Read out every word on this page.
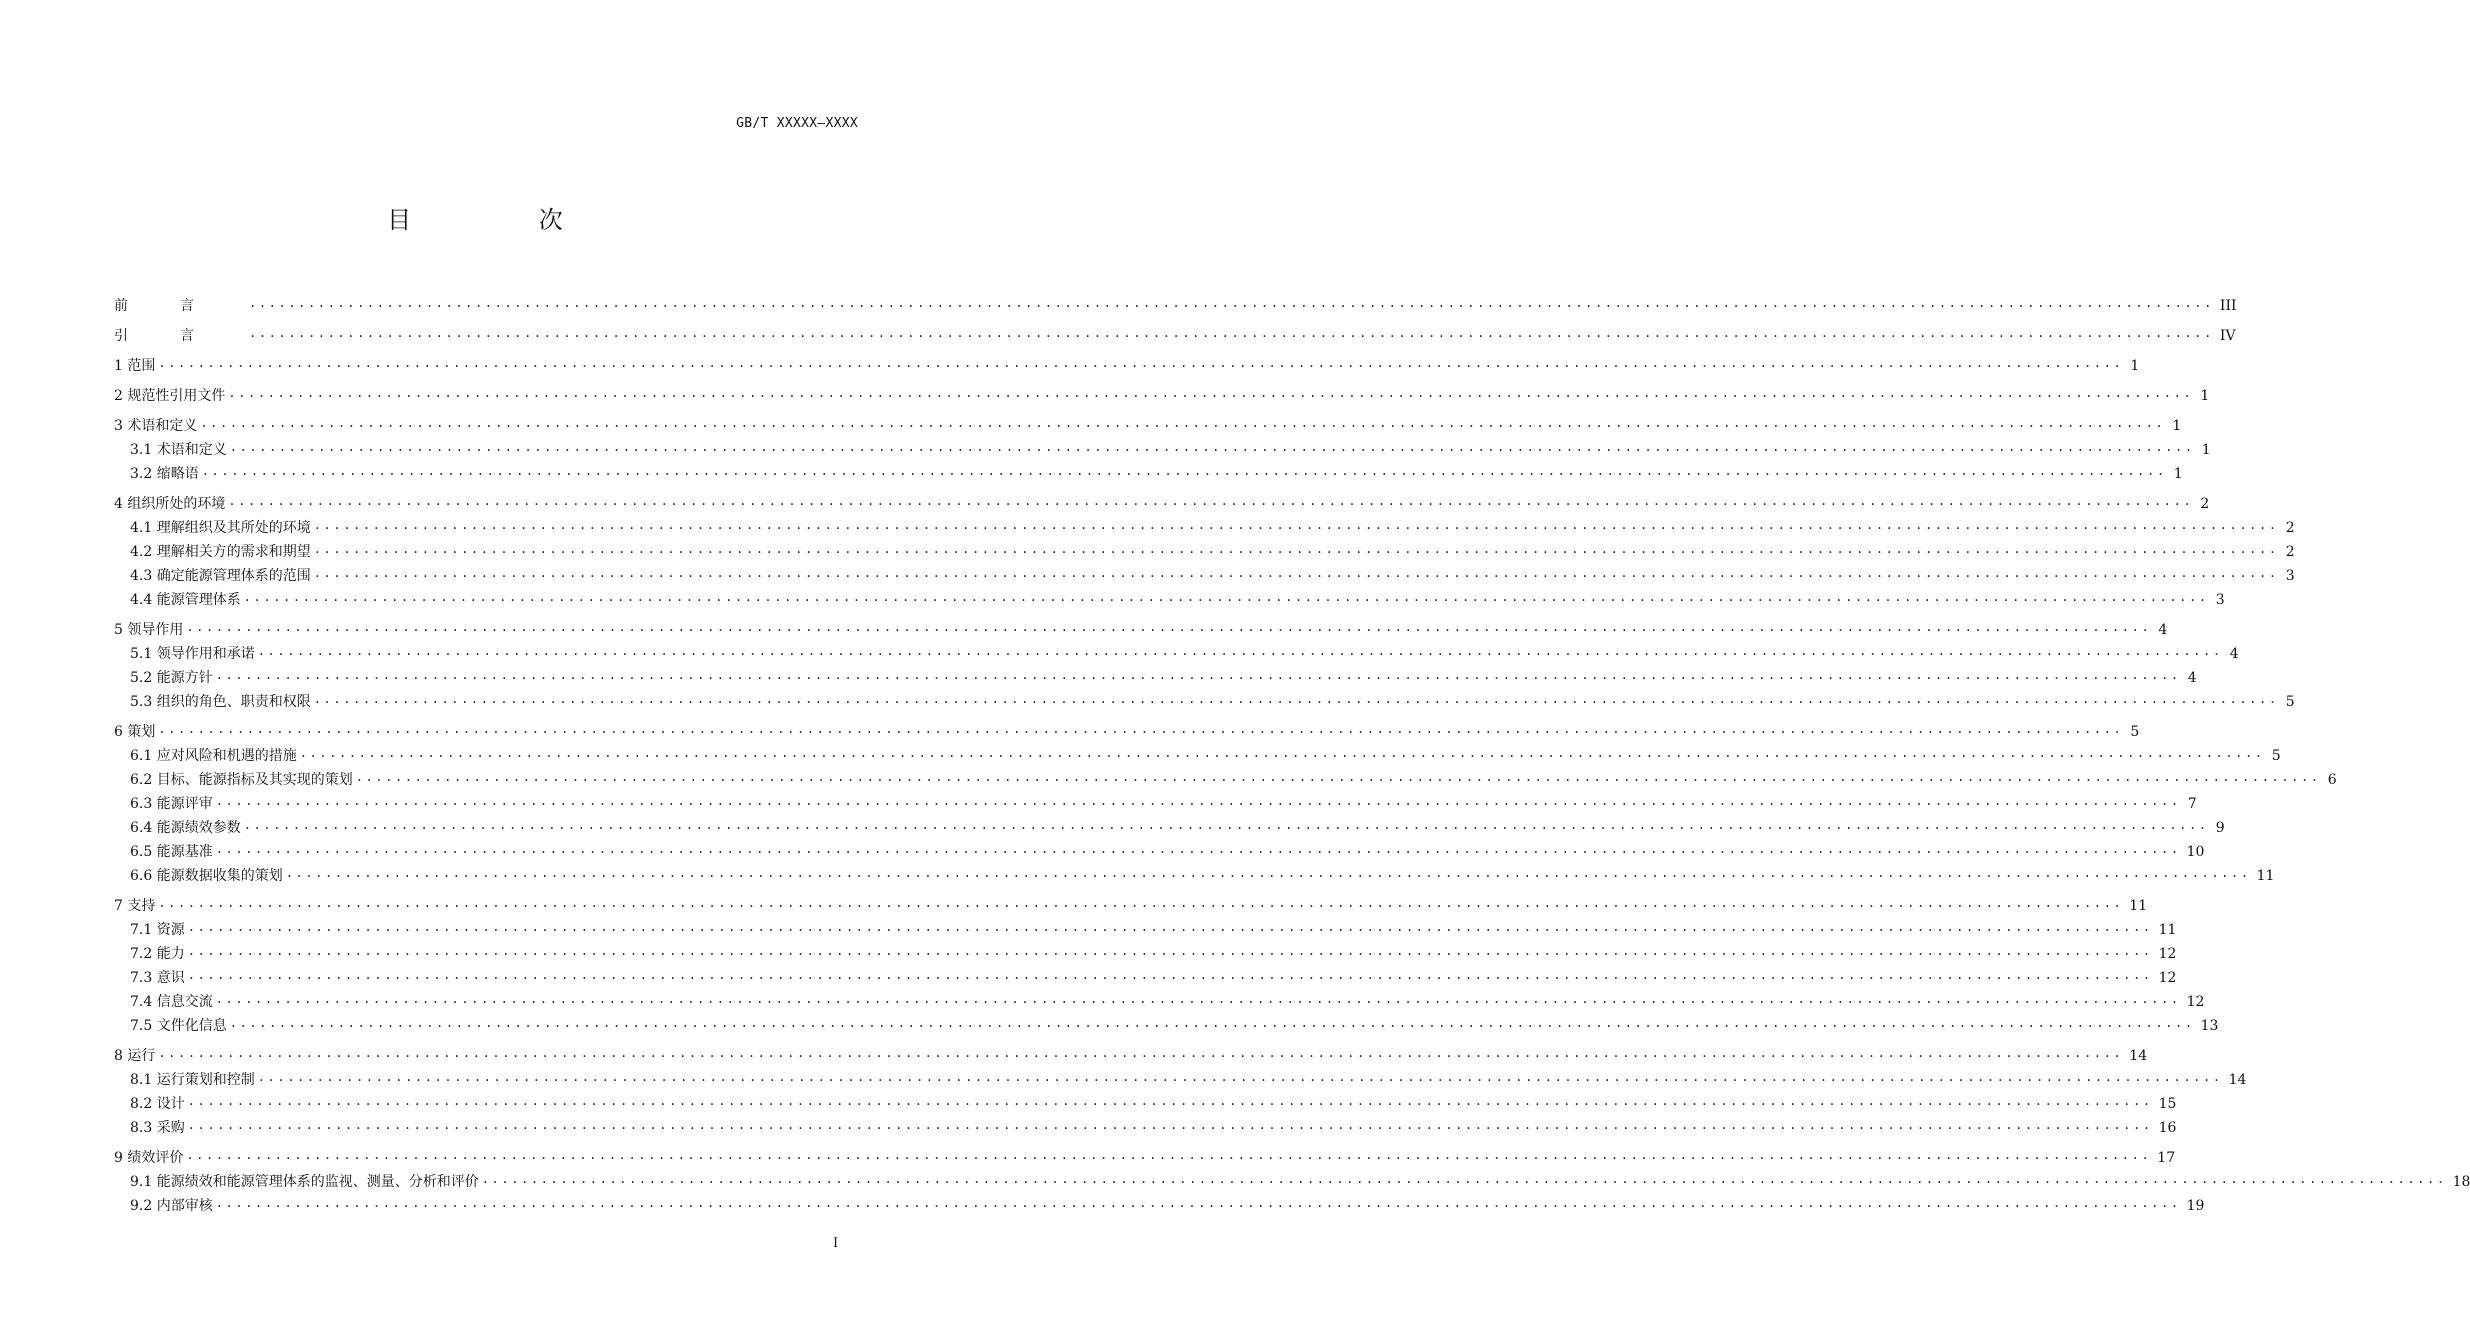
GB/T XXXXX—XXXX
目 次
前言 ........................................................................................................................................................................................................ III
引言 ........................................................................................................................................................................................................ IV
1 范围 ........................................................................................................................................................................................................ 1
2 规范性引用文件 ........................................................................................................................................................................................................ 1
3 术语和定义 ........................................................................................................................................................................................................ 1
3.1 术语和定义 ........................................................................................................................................................................................................ 1
3.2 缩略语 ........................................................................................................................................................................................................ 1
4 组织所处的环境 ........................................................................................................................................................................................................ 2
4.1 理解组织及其所处的环境 ........................................................................................................................................................................................................ 2
4.2 理解相关方的需求和期望 ........................................................................................................................................................................................................ 2
4.3 确定能源管理体系的范围 ........................................................................................................................................................................................................ 3
4.4 能源管理体系 ........................................................................................................................................................................................................ 3
5 领导作用 ........................................................................................................................................................................................................ 4
5.1 领导作用和承诺 ........................................................................................................................................................................................................ 4
5.2 能源方针 ........................................................................................................................................................................................................ 4
5.3 组织的角色、职责和权限 ........................................................................................................................................................................................................ 5
6 策划 ........................................................................................................................................................................................................ 5
6.1 应对风险和机遇的措施 ........................................................................................................................................................................................................ 5
6.2 目标、能源指标及其实现的策划 ........................................................................................................................................................................................................ 6
6.3 能源评审 ........................................................................................................................................................................................................ 7
6.4 能源绩效参数 ........................................................................................................................................................................................................ 9
6.5 能源基准 ........................................................................................................................................................................................................ 10
6.6 能源数据收集的策划 ........................................................................................................................................................................................................ 11
7 支持 ........................................................................................................................................................................................................ 11
7.1 资源 ........................................................................................................................................................................................................ 11
7.2 能力 ........................................................................................................................................................................................................ 12
7.3 意识 ........................................................................................................................................................................................................ 12
7.4 信息交流 ........................................................................................................................................................................................................ 12
7.5 文件化信息 ........................................................................................................................................................................................................ 13
8 运行 ........................................................................................................................................................................................................ 14
8.1 运行策划和控制 ........................................................................................................................................................................................................ 14
8.2 设计 ........................................................................................................................................................................................................ 15
8.3 采购 ........................................................................................................................................................................................................ 16
9 绩效评价 ........................................................................................................................................................................................................ 17
9.1 能源绩效和能源管理体系的监视、测量、分析和评价 ........................................................................................................................................................................................................ 18
9.2 内部审核 ........................................................................................................................................................................................................ 19
I
